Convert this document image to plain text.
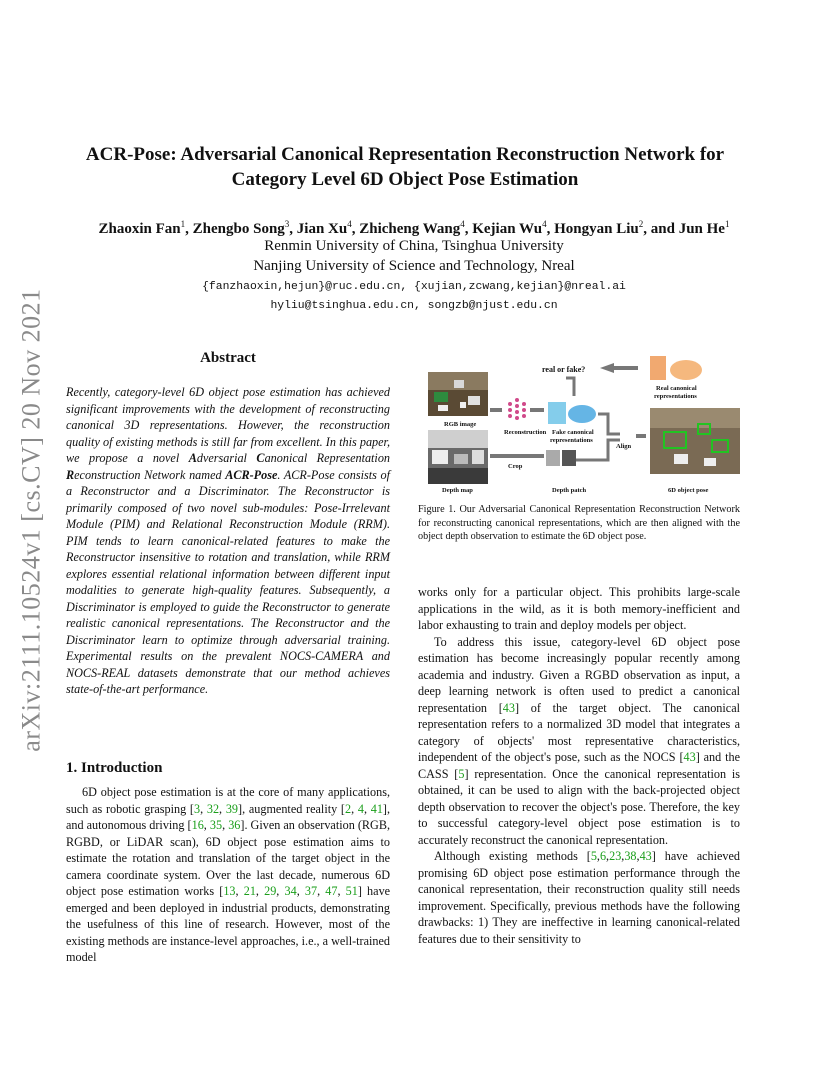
arXiv:2111.10524v1 [cs.CV] 20 Nov 2021
ACR-Pose: Adversarial Canonical Representation Reconstruction Network for
Category Level 6D Object Pose Estimation
Zhaoxin Fan$^1$, Zhengbo Song$^3$, Jian Xu$^4$, Zhicheng Wang$^4$, Kejian Wu$^4$, Hongyan Liu$^2$, and Jun He$^1$
Renmin University of China, Tsinghua University
Nanjing University of Science and Technology, Nreal
{fanzhaoxin,hejun}@ruc.edu.cn, {xujian,zcwang,kejian}@nreal.ai
hyliu@tsinghua.edu.cn, songzb@njust.edu.cn
Abstract
Recently, category-level 6D object pose estimation has achieved significant improvements with the development of reconstructing canonical 3D representations. However, the reconstruction quality of existing methods is still far from excellent. In this paper, we propose a novel Adversarial Canonical Representation Reconstruction Network named ACR-Pose. ACR-Pose consists of a Reconstructor and a Discriminator. The Reconstructor is primarily composed of two novel sub-modules: Pose-Irrelevant Module (PIM) and Relational Reconstruction Module (RRM). PIM tends to learn canonical-related features to make the Reconstructor insensitive to rotation and translation, while RRM explores essential relational information between different input modalities to generate high-quality features. Subsequently, a Discriminator is employed to guide the Reconstructor to generate realistic canonical representations. The Reconstructor and the Discriminator learn to optimize through adversarial training. Experimental results on the prevalent NOCS-CAMERA and NOCS-REAL datasets demonstrate that our method achieves state-of-the-art performance.
1. Introduction

6D object pose estimation is at the core of many applications, such as robotic grasping [3, 32, 39], augmented reality [2, 4, 41], and autonomous driving [16, 35, 36]. Given an observation (RGB, RGBD, or LiDAR scan), 6D object pose estimation aims to estimate the rotation and translation of the target object in the camera coordinate system. Over the last decade, numerous 6D object pose estimation works [13, 21, 29, 34, 37, 47, 51] have emerged and been deployed in industrial products, demonstrating the usefulness of this line of research. However, most of the existing methods are instance-level approaches, i.e., a well-trained model

RGB image
Depth map
Reconstruction Fake canonical
representations
real or fake?
Real canonical
representations
Crop
Align
Depth patch	6D object pose
Figure 1. Our Adversarial Canonical Representation Reconstruction Network for reconstructing canonical representations, which are then aligned with the object depth observation to estimate the 6D object pose.

works only for a particular object. This prohibits large-scale applications in the wild, as it is both memory-inefficient and labor exhausting to train and deploy models per object.

To address this issue, category-level 6D object pose estimation has become increasingly popular recently among academia and industry. Given a RGBD observation as input, a deep learning network is often used to predict a canonical representation [43] of the target object. The canonical representation refers to a normalized 3D model that integrates a category of objects' most representative characteristics, independent of the object's pose, such as the NOCS [43] and the CASS [5] representation. Once the canonical representation is obtained, it can be used to align with the back-projected object depth observation to recover the object's pose. Therefore, the key to successful category-level object pose estimation is to accurately reconstruct the canonical representation.

Although existing methods [5,6,23,38,43] have achieved promising 6D object pose estimation performance through the canonical representation, their reconstruction quality still needs improvement. Specifically, previous methods have the following drawbacks: 1) They are ineffective in learning canonical-related features due to their sensitivity to
